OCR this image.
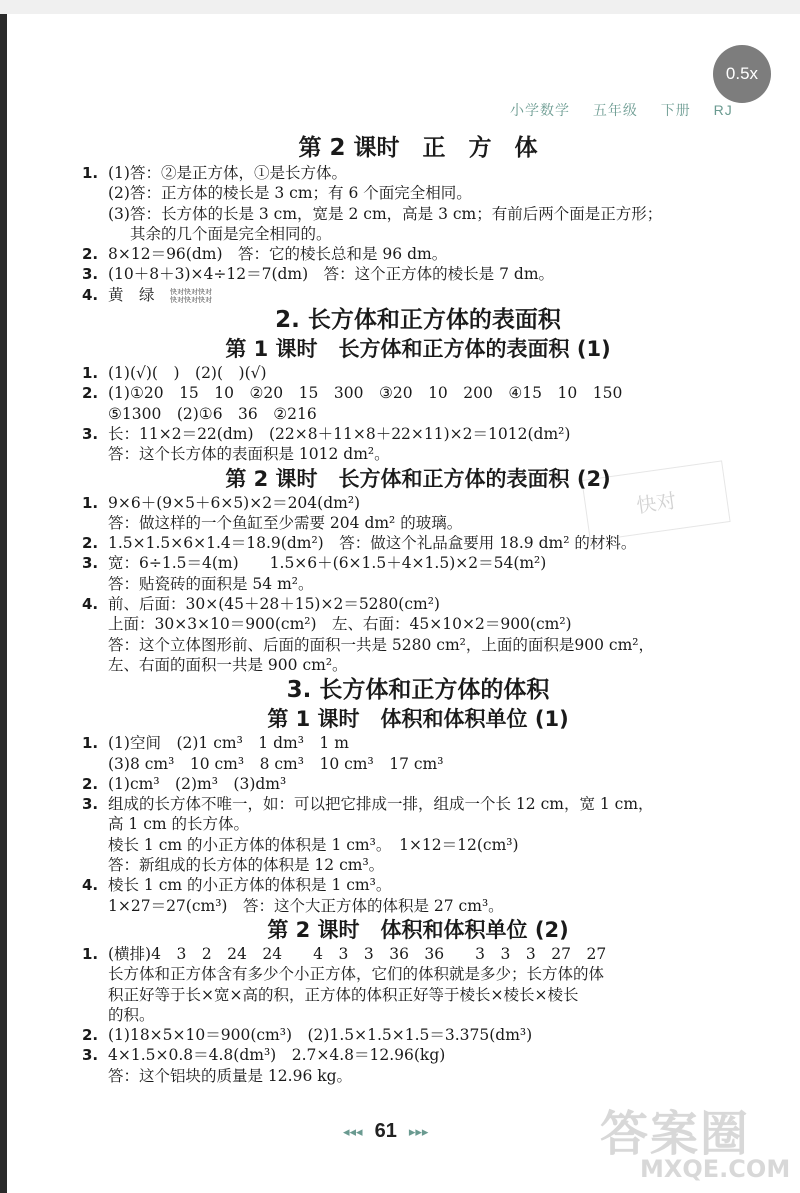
0.5x
小学数学 五年级 下册 RJ
快对
第 2 课时　正　方　体
1. (1)答：②是正方体，①是长方体。
(2)答：正方体的棱长是 3 cm；有 6 个面完全相同。
(3)答：长方体的长是 3 cm，宽是 2 cm，高是 3 cm；有前后两个面是正方形；
其余的几个面是完全相同的。
2. 8×12＝96(dm)　答：它的棱长总和是 96 dm。
3. (10＋8＋3)×4÷12＝7(dm)　答：这个正方体的棱长是 7 dm。
4. 黄　绿
2. 长方体和正方体的表面积
第 1 课时　长方体和正方体的表面积 (1)
1. (1)(√)(　)　(2)(　)(√)
2. (1)①20　15　10　②20　15　300　③20　10　200　④15　10　150
⑤1300　(2)①6　36　②216
3. 长：11×2＝22(dm)　(22×8＋11×8＋22×11)×2＝1012(dm²)
答：这个长方体的表面积是 1012 dm²。
第 2 课时　长方体和正方体的表面积 (2)
1. 9×6＋(9×5＋6×5)×2＝204(dm²)
答：做这样的一个鱼缸至少需要 204 dm² 的玻璃。
2. 1.5×1.5×6×1.4＝18.9(dm²)　答：做这个礼品盒要用 18.9 dm² 的材料。
3. 宽：6÷1.5＝4(m)　　1.5×6＋(6×1.5＋4×1.5)×2＝54(m²)
答：贴瓷砖的面积是 54 m²。
4. 前、后面：30×(45＋28＋15)×2＝5280(cm²)
上面：30×3×10＝900(cm²)　左、右面：45×10×2＝900(cm²)
答：这个立体图形前、后面的面积一共是 5280 cm²，上面的面积是900 cm²，
左、右面的面积一共是 900 cm²。
3. 长方体和正方体的体积
第 1 课时　体积和体积单位 (1)
1. (1)空间　(2)1 cm³　1 dm³　1 m
(3)8 cm³　10 cm³　8 cm³　10 cm³　17 cm³
2. (1)cm³　(2)m³　(3)dm³
3. 组成的长方体不唯一，如：可以把它排成一排，组成一个长 12 cm，宽 1 cm，
高 1 cm 的长方体。
棱长 1 cm 的小正方体的体积是 1 cm³。　1×12＝12(cm³)
答：新组成的长方体的体积是 12 cm³。
4. 棱长 1 cm 的小正方体的体积是 1 cm³。
1×27＝27(cm³)　答：这个大正方体的体积是 27 cm³。
第 2 课时　体积和体积单位 (2)
1. (横排)4　3　2　24　24　　4　3　3　36　36　　3　3　3　27　27
长方体和正方体含有多少个小正方体，它们的体积就是多少；长方体的体
积正好等于长×宽×高的积，正方体的体积正好等于棱长×棱长×棱长
的积。
2. (1)18×5×10＝900(cm³)　(2)1.5×1.5×1.5＝3.375(dm³)
3. 4×1.5×0.8＝4.8(dm³)　2.7×4.8＝12.96(kg)
答：这个铝块的质量是 12.96 kg。
快对快对快对
快对快对快对
◂◂◂ 61 ▸▸▸	答案圈
MXQE.COM
